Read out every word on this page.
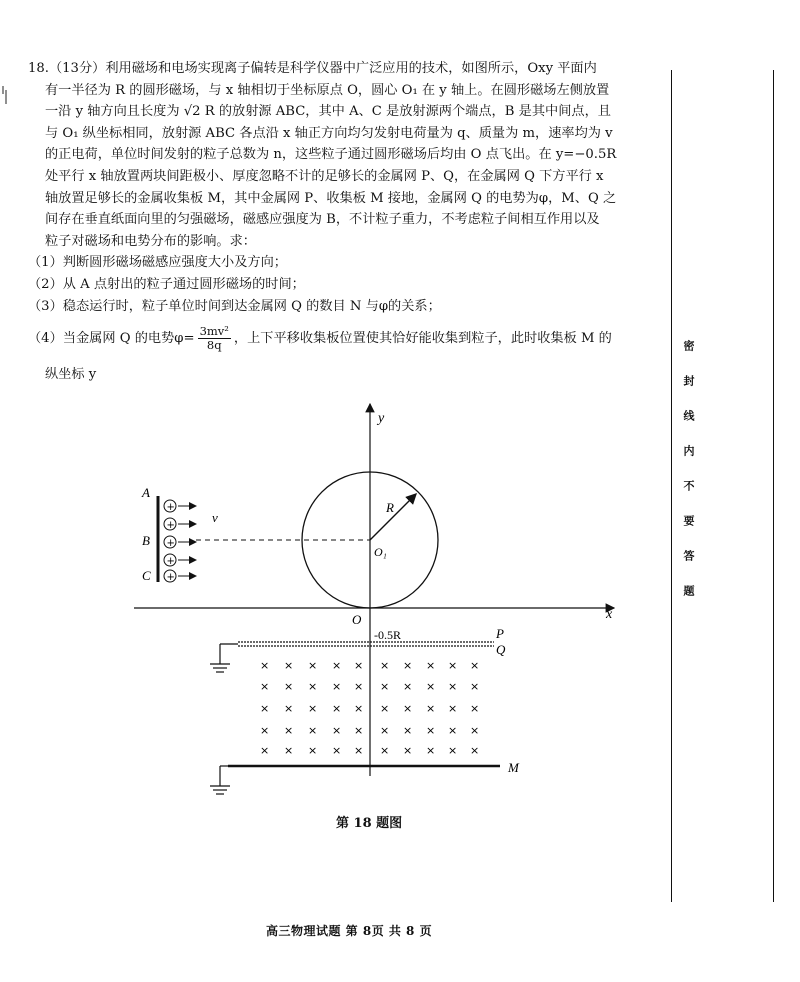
18.（13分）利用磁场和电场实现离子偏转是科学仪器中广泛应用的技术，如图所示，Oxy 平面内
有一半径为 R 的圆形磁场，与 x 轴相切于坐标原点 O，圆心 O₁ 在 y 轴上。在圆形磁场左侧放置
一沿 y 轴方向且长度为 √2 R 的放射源 ABC，其中 A、C 是放射源两个端点，B 是其中间点，且
与 O₁ 纵坐标相同，放射源 ABC 各点沿 x 轴正方向均匀发射电荷量为 q、质量为 m，速率均为 v
的正电荷，单位时间发射的粒子总数为 n，这些粒子通过圆形磁场后均由 O 点飞出。在 y=−0.5R
处平行 x 轴放置两块间距极小、厚度忽略不计的足够长的金属网 P、Q，在金属网 Q 下方平行 x
轴放置足够长的金属收集板 M，其中金属网 P、收集板 M 接地，金属网 Q 的电势为φ，M、Q 之
间存在垂直纸面向里的匀强磁场，磁感应强度为 B，不计粒子重力，不考虑粒子间相互作用以及
粒子对磁场和电势分布的影响。求：
（1）判断圆形磁场磁感应强度大小及方向；
（2）从 A 点射出的粒子通过圆形磁场的时间；
（3）稳态运行时，粒子单位时间到达金属网 Q 的数目 N 与φ的关系；
（4）当金属网 Q 的电势$\varphi= \frac{\text{3mv²}}{8q}$ ，上下平移收集板位置使其恰好能收集到粒子，此时收集板 M 的
纵坐标 y
y
x
O
R
O₁
A
B
C
v
+
+
+
+
+
-0.5R	P
Q
× × × × × × × × × ×
× × × × × × × × × ×
× × × × × × × × × ×
× × × × × × × × × ×
× × × × × × × × × ×
M
第 18 题图
高三物理试题 第 8页 共 8 页
密封线内不要答题
